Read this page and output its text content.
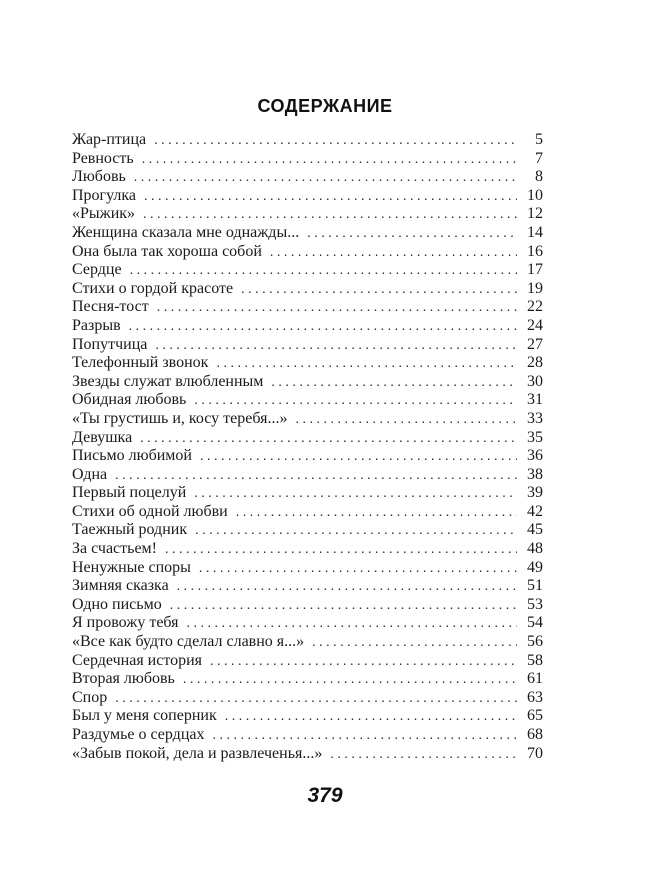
СОДЕРЖАНИЕ
Жар-птица . . .	5
Ревность . . .	7
Любовь . . .	8
Прогулка . . .	10
«Рыжик» . . .	12
Женщина сказала мне однажды... . . .	14
Она была так хороша собой . . .	16
Сердце . . .	17
Стихи о гордой красоте . . .	19
Песня-тост . . .	22
Разрыв . . .	24
Попутчица . . .	27
Телефонный звонок . . .	28
Звезды служат влюбленным . . .	30
Обидная любовь . . .	31
«Ты грустишь и, косу теребя...» . . .	33
Девушка . . .	35
Письмо любимой . . .	36
Одна . . .	38
Первый поцелуй . . .	39
Стихи об одной любви . . .	42
Таежный родник . . .	45
За счастьем! . . .	48
Ненужные споры . . .	49
Зимняя сказка . . .	51
Одно письмо . . .	53
Я провожу тебя . . .	54
«Все как будто сделал славно я...» . . .	56
Сердечная история . . .	58
Вторая любовь . . .	61
Спор . . .	63
Был у меня соперник . . .	65
Раздумье о сердцах . . .	68
«Забыв покой, дела и развлеченья...» . . .	70
379
